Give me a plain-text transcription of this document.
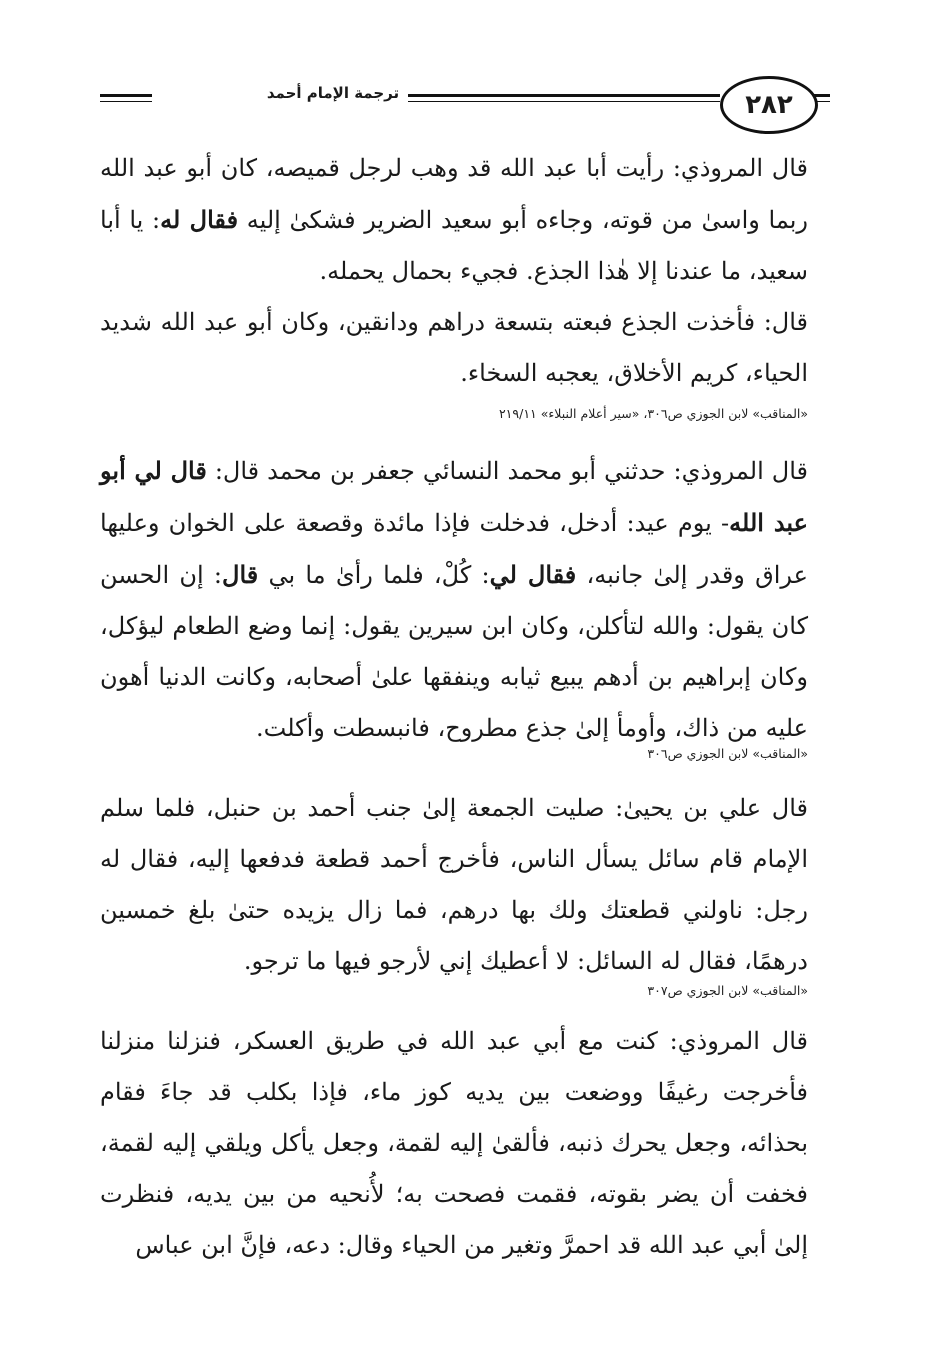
ترجمة الإمام أحمد	٢٨٢
قال المروذي: رأيت أبا عبد الله قد وهب لرجل قميصه، كان أبو عبد الله ربما واسىٰ من قوته، وجاءه أبو سعيد الضرير فشكىٰ إليه فقال له: يا أبا سعيد، ما عندنا إلا هٰذا الجذع. فجيء بحمال يحمله.
قال: فأخذت الجذع فبعته بتسعة دراهم ودانقين، وكان أبو عبد الله شديد الحياء، كريم الأخلاق، يعجبه السخاء.
«المناقب» لابن الجوزي ص٣٠٦، «سير أعلام النبلاء» ٢١٩/١١
قال المروذي: حدثني أبو محمد النسائي جعفر بن محمد قال: قال لي أبو عبد الله- يوم عيد: أدخل، فدخلت فإذا مائدة وقصعة على الخوان وعليها عراق وقدر إلىٰ جانبه، فقال لي: كُلْ، فلما رأىٰ ما بي قال: إن الحسن كان يقول: والله لتأكلن، وكان ابن سيرين يقول: إنما وضع الطعام ليؤكل، وكان إبراهيم بن أدهم يبيع ثيابه وينفقها علىٰ أصحابه، وكانت الدنيا أهون عليه من ذاك، وأومأ إلىٰ جذع مطروح، فانبسطت وأكلت.
«المناقب» لابن الجوزي ص٣٠٦
قال علي بن يحيىٰ: صليت الجمعة إلىٰ جنب أحمد بن حنبل، فلما سلم الإمام قام سائل يسأل الناس، فأخرج أحمد قطعة فدفعها إليه، فقال له رجل: ناولني قطعتك ولك بها درهم، فما زال يزيده حتىٰ بلغ خمسين درهمًا، فقال له السائل: لا أعطيك إني لأرجو فيها ما ترجو.
«المناقب» لابن الجوزي ص٣٠٧
قال المروذي: كنت مع أبي عبد الله في طريق العسكر، فنزلنا منزلنا فأخرجت رغيفًا ووضعت بين يديه كوز ماء، فإذا بكلب قد جاءَ فقام بحذائه، وجعل يحرك ذنبه، فألقىٰ إليه لقمة، وجعل يأكل ويلقي إليه لقمة، فخفت أن يضر بقوته، فقمت فصحت به؛ لأُنحيه من بين يديه، فنظرت إلىٰ أبي عبد الله قد احمرَّ وتغير من الحياء وقال: دعه، فإنَّ ابن عباس
